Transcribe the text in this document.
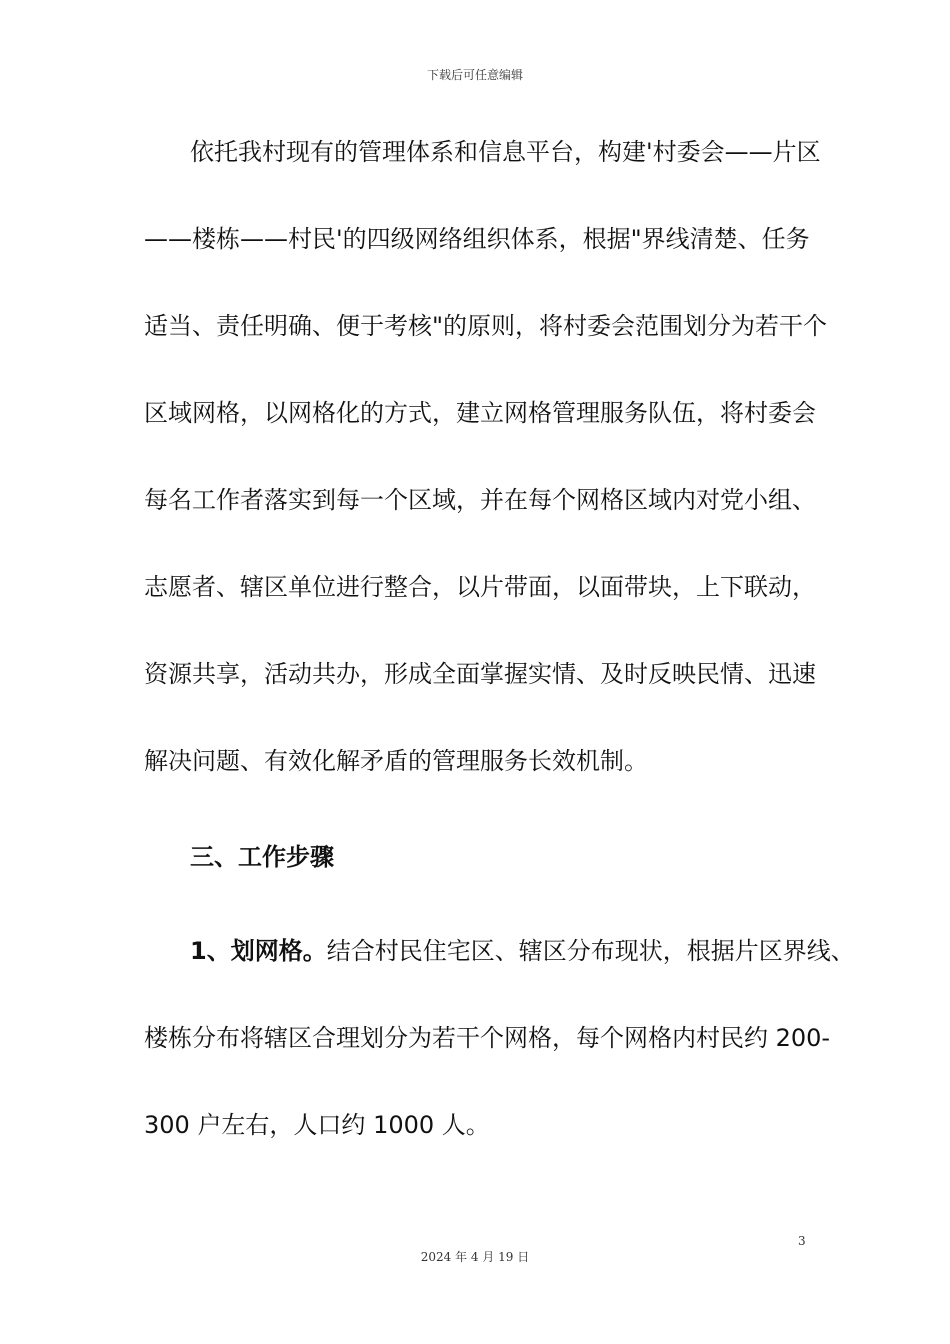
下载后可任意编辑
依托我村现有的管理体系和信息平台，构建'村委会——片区
——楼栋——村民'的四级网络组织体系，根据"界线清楚、任务
适当、责任明确、便于考核"的原则，将村委会范围划分为若干个
区域网格，以网格化的方式，建立网格管理服务队伍，将村委会
每名工作者落实到每一个区域，并在每个网格区域内对党小组、
志愿者、辖区单位进行整合，以片带面，以面带块，上下联动，
资源共享，活动共办，形成全面掌握实情、及时反映民情、迅速
解决问题、有效化解矛盾的管理服务长效机制。
三、工作步骤
1、划网格。结合村民住宅区、辖区分布现状，根据片区界线、
楼栋分布将辖区合理划分为若干个网格，每个网格内村民约 200-
300 户左右，人口约 1000 人。
3
2024 年 4 月 19 日
